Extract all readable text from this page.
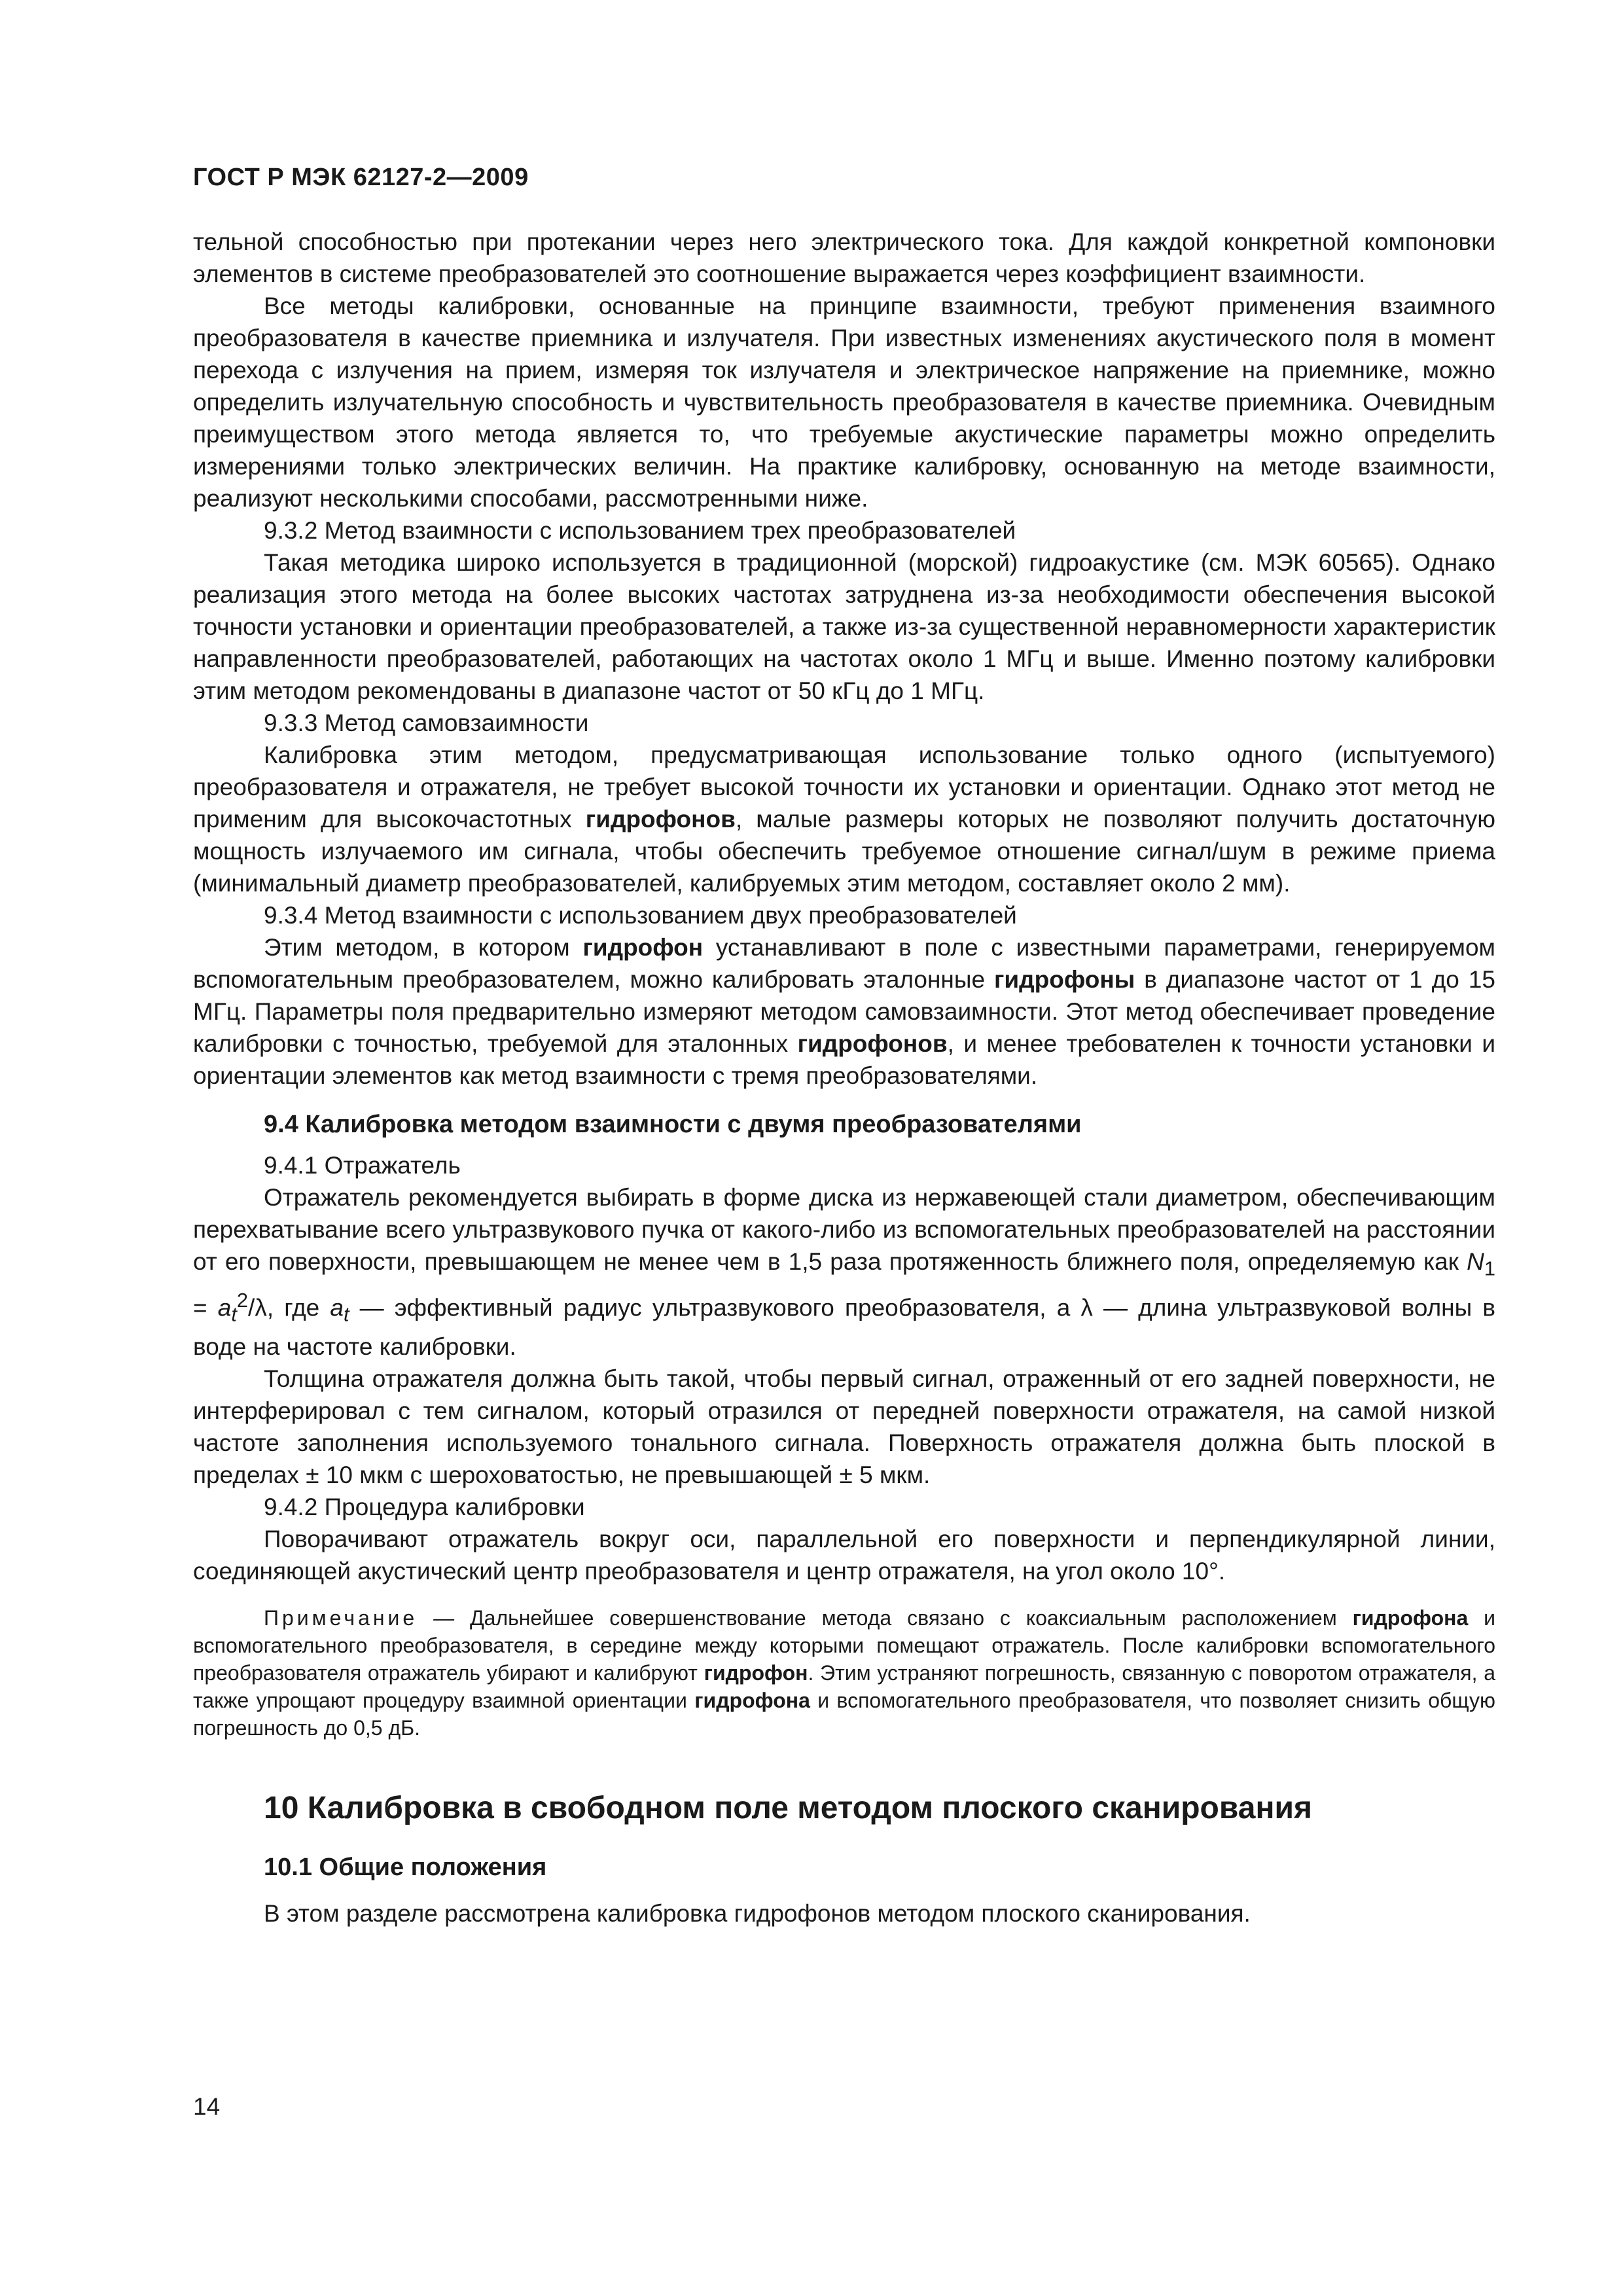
ГОСТ Р МЭК 62127-2—2009

тельной способностью при протекании через него электрического тока. Для каждой конкретной компоновки элементов в системе преобразователей это соотношение выражается через коэффициент взаимности.

Все методы калибровки, основанные на принципе взаимности, требуют применения взаимного преобразователя в качестве приемника и излучателя. При известных изменениях акустического поля в момент перехода с излучения на прием, измеряя ток излучателя и электрическое напряжение на приемнике, можно определить излучательную способность и чувствительность преобразователя в качестве приемника. Очевидным преимуществом этого метода является то, что требуемые акустические параметры можно определить измерениями только электрических величин. На практике калибровку, основанную на методе взаимности, реализуют несколькими способами, рассмотренными ниже.

9.3.2 Метод взаимности с использованием трех преобразователей

Такая методика широко используется в традиционной (морской) гидроакустике (см. МЭК 60565). Однако реализация этого метода на более высоких частотах затруднена из-за необходимости обеспечения высокой точности установки и ориентации преобразователей, а также из-за существенной неравномерности характеристик направленности преобразователей, работающих на частотах около 1 МГц и выше. Именно поэтому калибровки этим методом рекомендованы в диапазоне частот от 50 кГц до 1 МГц.

9.3.3 Метод самовзаимности

Калибровка этим методом, предусматривающая использование только одного (испытуемого) преобразователя и отражателя, не требует высокой точности их установки и ориентации. Однако этот метод не применим для высокочастотных гидрофонов, малые размеры которых не позволяют получить достаточную мощность излучаемого им сигнала, чтобы обеспечить требуемое отношение сигнал/шум в режиме приема (минимальный диаметр преобразователей, калибруемых этим методом, составляет около 2 мм).

9.3.4 Метод взаимности с использованием двух преобразователей

Этим методом, в котором гидрофон устанавливают в поле с известными параметрами, генерируемом вспомогательным преобразователем, можно калибровать эталонные гидрофоны в диапазоне частот от 1 до 15 МГц. Параметры поля предварительно измеряют методом самовзаимности. Этот метод обеспечивает проведение калибровки с точностью, требуемой для эталонных гидрофонов, и менее требователен к точности установки и ориентации элементов как метод взаимности с тремя преобразователями.

9.4 Калибровка методом взаимности с двумя преобразователями

9.4.1 Отражатель

Отражатель рекомендуется выбирать в форме диска из нержавеющей стали диаметром, обеспечивающим перехватывание всего ультразвукового пучка от какого-либо из вспомогательных преобразователей на расстоянии от его поверхности, превышающем не менее чем в 1,5 раза протяженность ближнего поля, определяемую как $N_1 = a_t^2/\lambda$, где $a_t$ — эффективный радиус ультразвукового преобразователя, а λ — длина ультразвуковой волны в воде на частоте калибровки.

Толщина отражателя должна быть такой, чтобы первый сигнал, отраженный от его задней поверхности, не интерферировал с тем сигналом, который отразился от передней поверхности отражателя, на самой низкой частоте заполнения используемого тонального сигнала. Поверхность отражателя должна быть плоской в пределах ± 10 мкм с шероховатостью, не превышающей ± 5 мкм.

9.4.2 Процедура калибровки

Поворачивают отражатель вокруг оси, параллельной его поверхности и перпендикулярной линии, соединяющей акустический центр преобразователя и центр отражателя, на угол около 10°.

Примечание — Дальнейшее совершенствование метода связано с коаксиальным расположением гидрофона и вспомогательного преобразователя, в середине между которыми помещают отражатель. После калибровки вспомогательного преобразователя отражатель убирают и калибруют гидрофон. Этим устраняют погрешность, связанную с поворотом отражателя, а также упрощают процедуру взаимной ориентации гидрофона и вспомогательного преобразователя, что позволяет снизить общую погрешность до 0,5 дБ.

10 Калибровка в свободном поле методом плоского сканирования

10.1 Общие положения

В этом разделе рассмотрена калибровка гидрофонов методом плоского сканирования.

14
